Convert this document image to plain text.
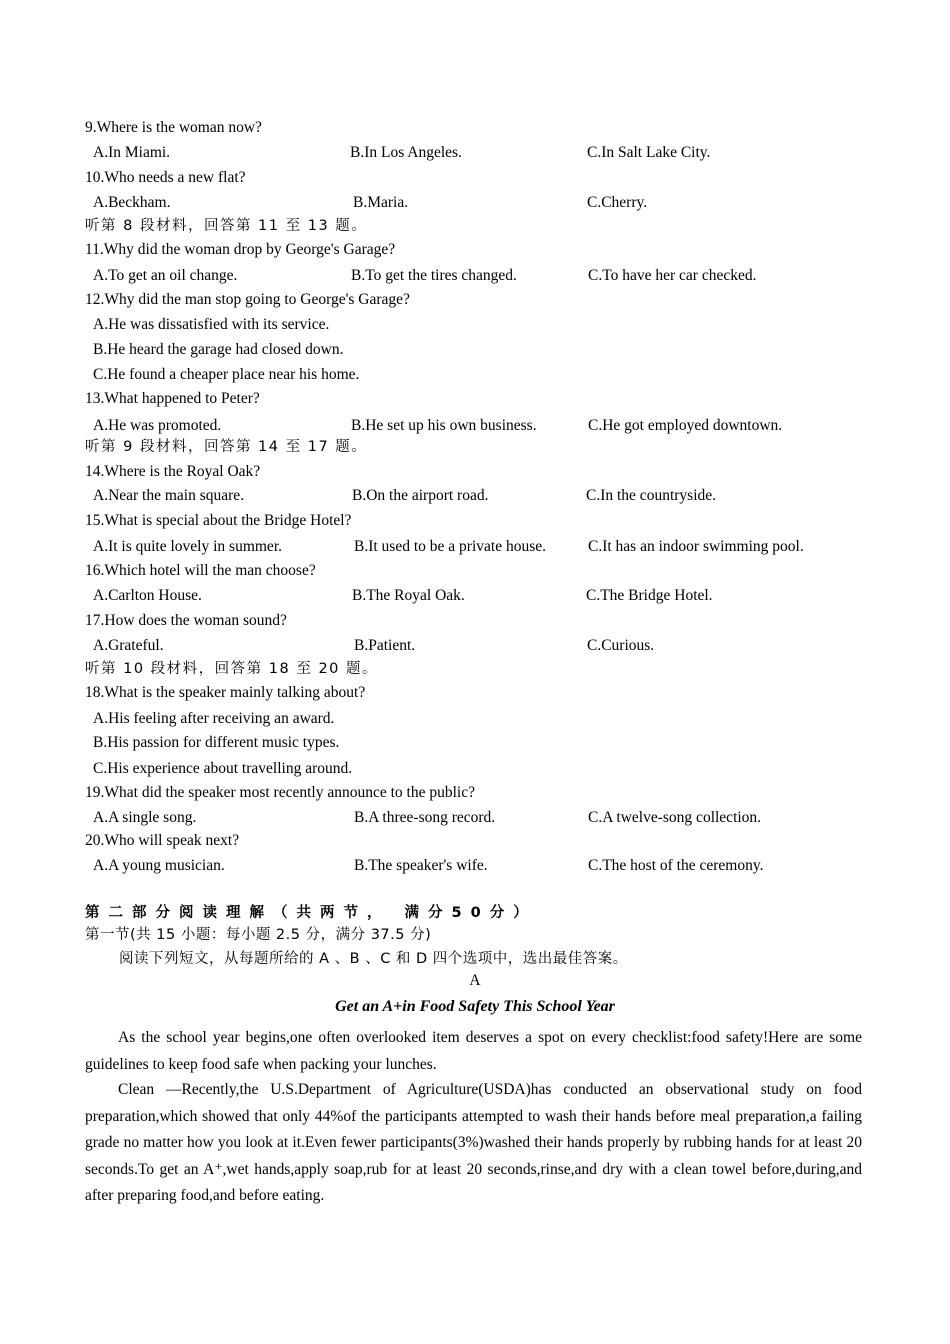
9.Where is the woman now?
A.In Miami.	B.In Los Angeles.	C.In Salt Lake City.
10.Who needs a new flat?
A.Beckham.	B.Maria.	C.Cherry.
听第 8 段材料，回答第 11 至 13 题。
11.Why did the woman drop by George's Garage?
A.To get an oil change.	B.To get the tires changed.	C.To have her car checked.
12.Why did the man stop going to George's Garage?
A.He was dissatisfied with its service.
B.He heard the garage had closed down.
C.He found a cheaper place near his home.
13.What happened to Peter?
A.He was promoted.	B.He set up his own business.	C.He got employed downtown.
听第 9 段材料，回答第 14 至 17 题。
14.Where is the Royal Oak?
A.Near the main square.	B.On the airport road.	C.In the countryside.
15.What is special about the Bridge Hotel?
A.It is quite lovely in summer.	B.It used to be a private house.	C.It has an indoor swimming pool.
16.Which hotel will the man choose?
A.Carlton House.	B.The Royal Oak.	C.The Bridge Hotel.
17.How does the woman sound?
A.Grateful.	B.Patient.	C.Curious.
听第 10 段材料，回答第 18 至 20 题。
18.What is the speaker mainly talking about?
A.His feeling after receiving an award.
B.His passion for different music types.
C.His experience about travelling around.
19.What did the speaker most recently announce to the public?
A.A single song.	B.A three-song record.	C.A twelve-song collection.
20.Who will speak next?
A.A young musician.	B.The speaker's wife.	C.The host of the ceremony.
第二部分阅读理解（共两节， 满分50分）
第一节(共 15 小题：每小题 2.5 分，满分 37.5 分)
阅读下列短文，从每题所给的 A 、B 、C 和 D 四个选项中，选出最佳答案。
A
Get an A+in Food Safety This School Year
As the school year begins,one often overlooked item deserves a spot on every checklist:food safety!Here are some guidelines to keep food safe when packing your lunches.
Clean —Recently,the U.S.Department of Agriculture(USDA)has conducted an observational study on food preparation,which showed that only 44%of the participants attempted to wash their hands before meal preparation,a failing grade no matter how you look at it.Even fewer participants(3%)washed their hands properly by rubbing hands for at least 20 seconds.To get an A⁺,wet hands,apply soap,rub for at least 20 seconds,rinse,and dry with a clean towel before,during,and after preparing food,and before eating.
